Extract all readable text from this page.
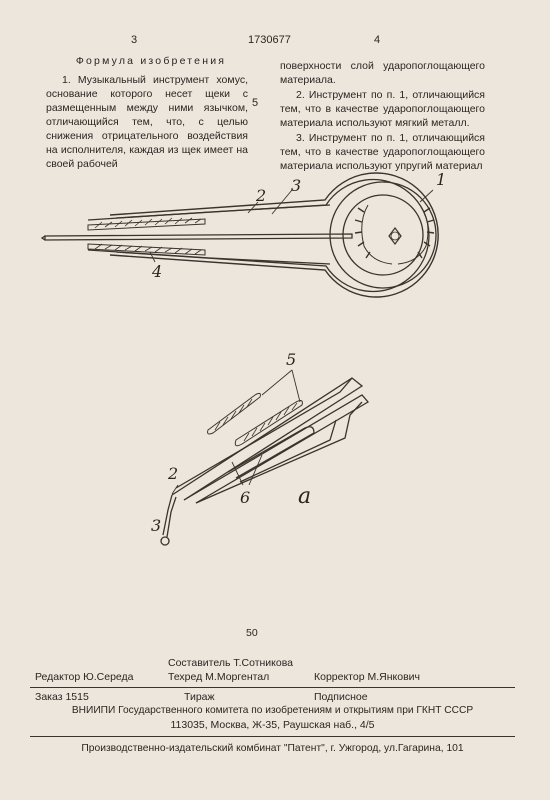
3	1730677	4
Формула изобретения

1. Музыкальный инструмент хомус, основание которого несет щеки с размещенным между ними язычком, отличающийся тем, что, с целью снижения отрицательного воздействия на исполнителя, каждая из щек имеет на своей рабочей

5

поверхности слой ударопоглощающего материала.

2. Инструмент по п. 1, отличающийся тем, что в качестве ударопоглощающего материала используют мягкий металл.

3. Инструмент по п. 1, отличающийся тем, что в качестве ударопоглощающего материала используют упругий материал

1
2
3
4
5
6
2
3
a
50
Составитель Т.Сотникова
Редактор Ю.Середа	Техред М.Моргентал	Корректор М.Янкович
Заказ 1515	Тираж	Подписное
ВНИИПИ Государственного комитета по изобретениям и открытиям при ГКНТ СССР
113035, Москва, Ж-35, Раушская наб., 4/5
Производственно-издательский комбинат "Патент", г. Ужгород, ул.Гагарина, 101
